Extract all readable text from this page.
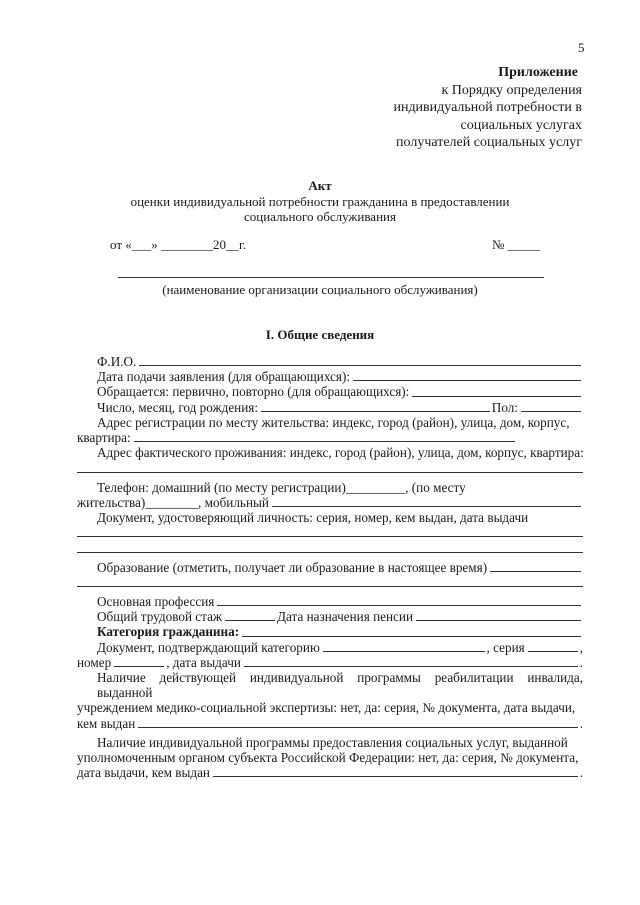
5
Приложение
к Порядку определения
индивидуальной потребности в
социальных услугах
получателей социальных услуг
Акт
оценки индивидуальной потребности гражданина в предоставлении
социального обслуживания
от «___» ________20__г.	№ _____
(наименование организации социального обслуживания)
I. Общие сведения
Ф.И.О.
Дата подачи заявления (для обращающихся):
Обращается: первично, повторно (для обращающихся):
Число, месяц, год рождения:	Пол:
Адрес регистрации по месту жительства: индекс, город (район), улица, дом, корпус,
квартира:
Адрес фактического проживания: индекс, город (район), улица, дом, корпус, квартира:
Телефон: домашний (по месту регистрации)_________, (по месту
жительства)________, мобильный
Документ, удостоверяющий личность: серия, номер, кем выдан, дата выдачи
Образование (отметить, получает ли образование в настоящее время)
Основная профессия
Общий трудовой стаж	Дата назначения пенсии
Категория гражданина:
Документ, подтверждающий категорию	, серия	,
номер	, дата выдачи	.
Наличие действующей индивидуальной программы реабилитации инвалида, выданной
учреждением медико-социальной экспертизы: нет, да: серия, № документа, дата выдачи,
кем выдан	.
Наличие индивидуальной программы предоставления социальных услуг, выданной
уполномоченным органом субъекта Российской Федерации: нет, да: серия, № документа,
дата выдачи, кем выдан	.
